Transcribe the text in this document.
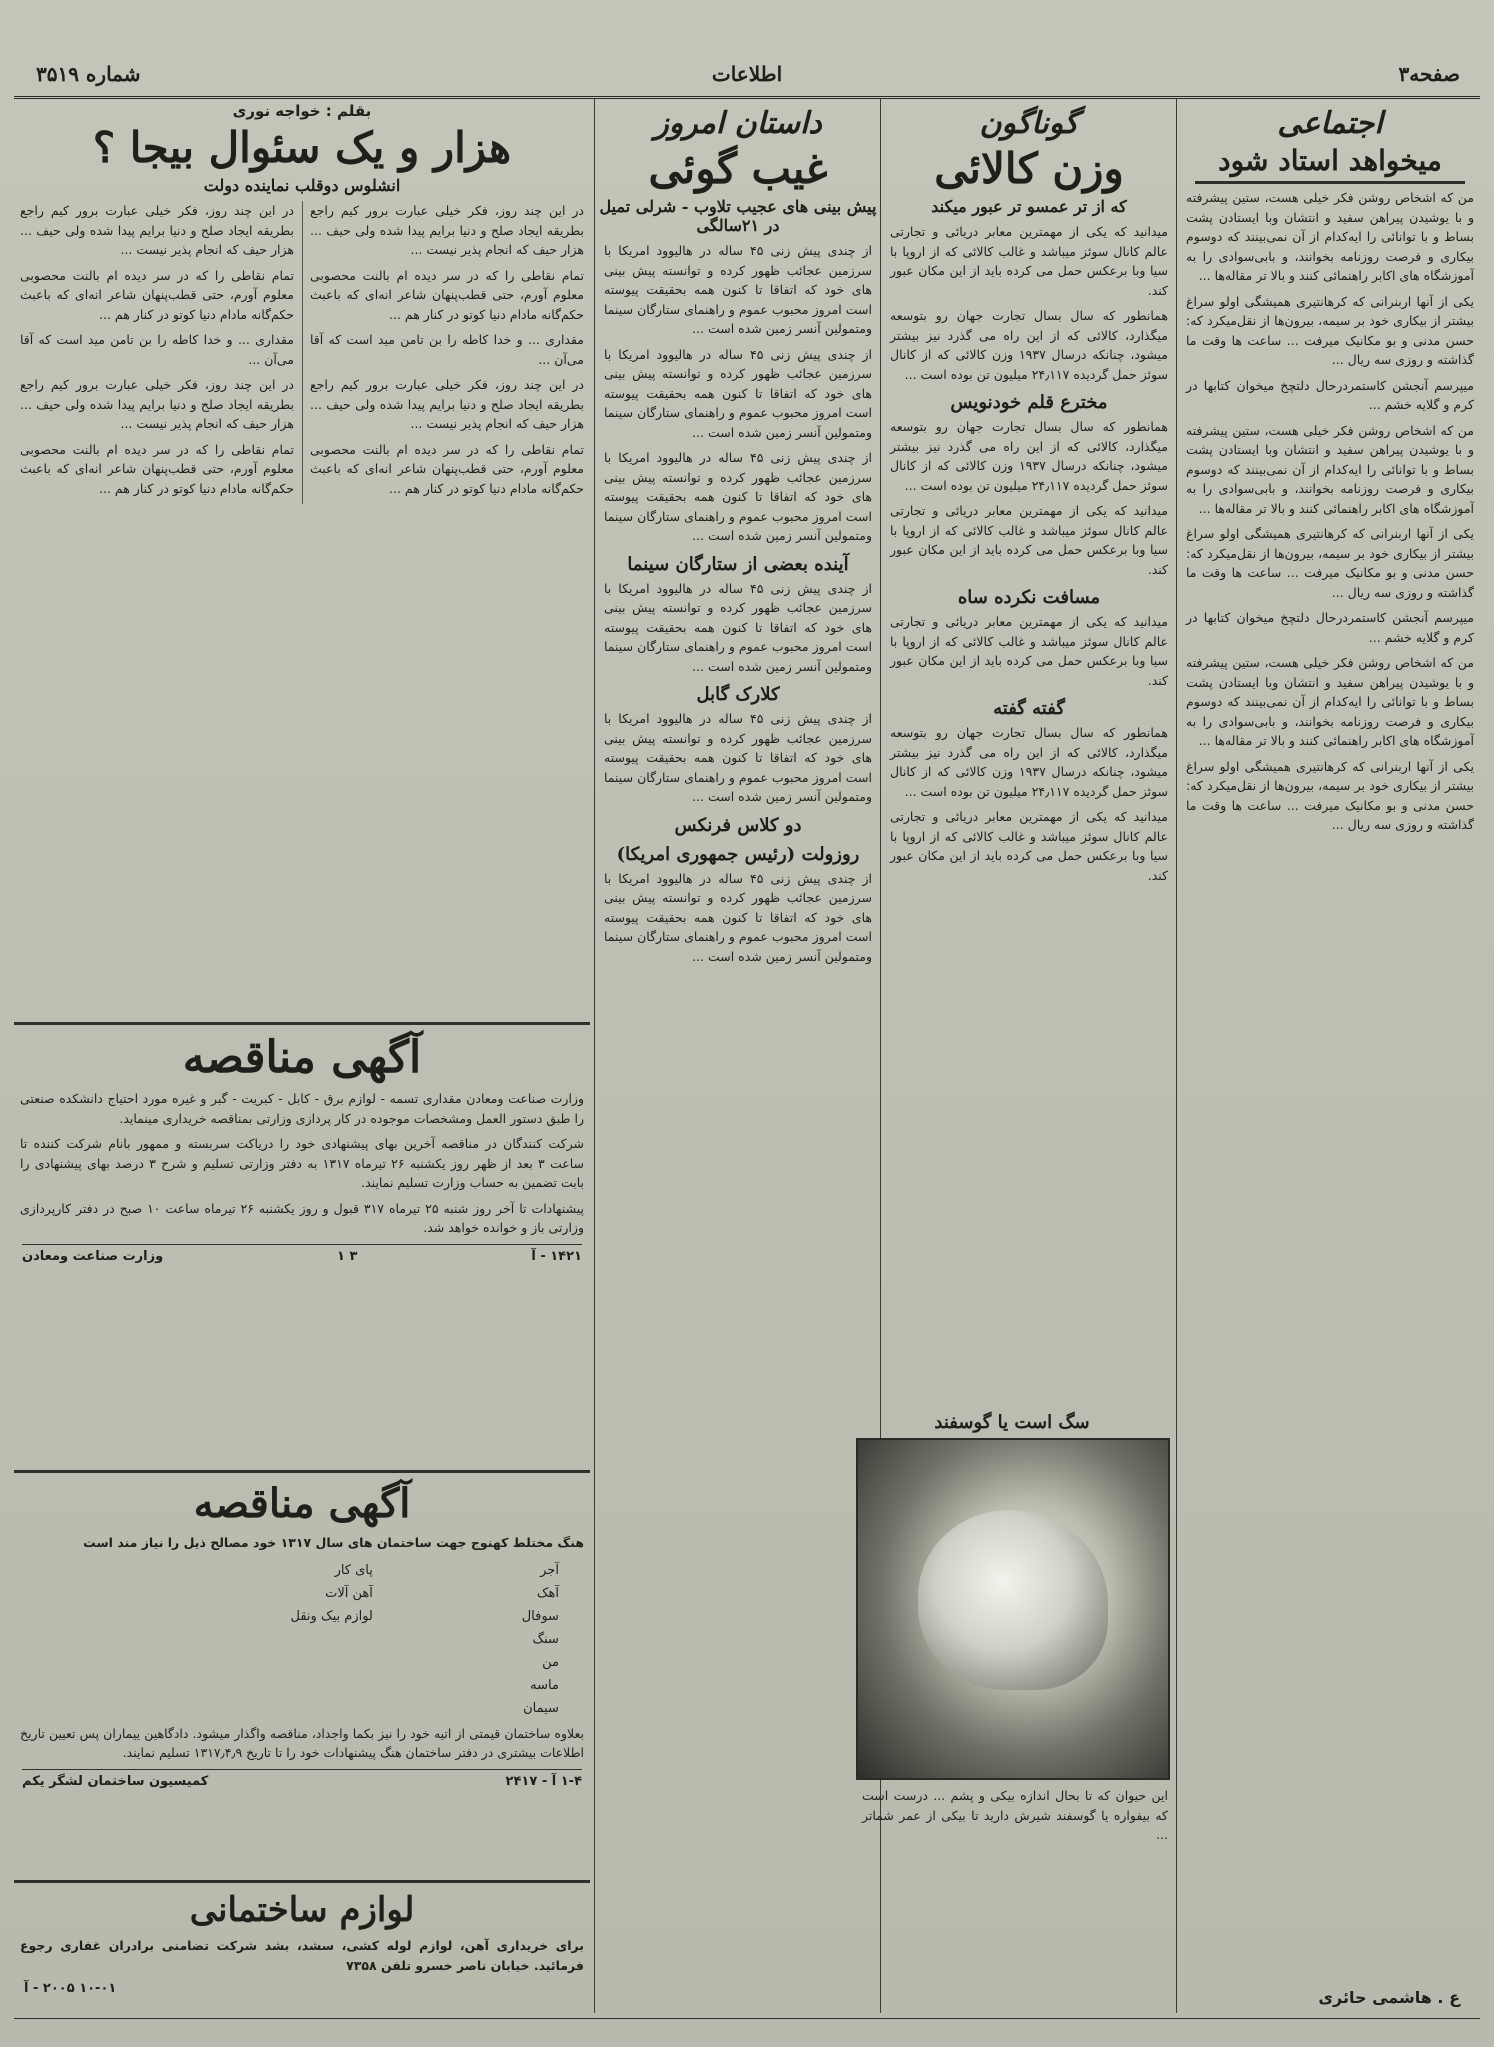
صفحه۳
اطلاعات
شماره ۳۵۱۹
اجتماعی
میخواهد استاد شود

من که اشخاص روشن فکر خیلی هست، ستین پیشرفته و با یوشیدن پیراهن سفید و انتشان وبا ایستادن پشت بساط و با توانائی را ایه‌کدام از آن نمی‌بینند که دوسوم بیکاری و فرصت روزنامه بخوانند، و بابی‌سوادی را به آموزشگاه های اکابر راهنمائی کنند و بالا تر مقاله‌ها ...

یکی از آنها اربنرانی که کرهانتیری همیشگی اولو سراغ بیشتر از بیکاری خود بر سیمه، بیرون‌ها از نقل‌میکرد که: حسن مدنی و بو مکانیک میرفت ... ساعت ها وقت ما گذاشته و روزی سه ریال ...

میپرسم آنجشن کاستمردرحال دلتچخ میخوان کتابها در کرم و گلایه خشم ...

من که اشخاص روشن فکر خیلی هست، ستین پیشرفته و با یوشیدن پیراهن سفید و انتشان وبا ایستادن پشت بساط و با توانائی را ایه‌کدام از آن نمی‌بینند که دوسوم بیکاری و فرصت روزنامه بخوانند، و بابی‌سوادی را به آموزشگاه های اکابر راهنمائی کنند و بالا تر مقاله‌ها ...

یکی از آنها اربنرانی که کرهانتیری همیشگی اولو سراغ بیشتر از بیکاری خود بر سیمه، بیرون‌ها از نقل‌میکرد که: حسن مدنی و بو مکانیک میرفت ... ساعت ها وقت ما گذاشته و روزی سه ریال ...

میپرسم آنجشن کاستمردرحال دلتچخ میخوان کتابها در کرم و گلایه خشم ...

من که اشخاص روشن فکر خیلی هست، ستین پیشرفته و با یوشیدن پیراهن سفید و انتشان وبا ایستادن پشت بساط و با توانائی را ایه‌کدام از آن نمی‌بینند که دوسوم بیکاری و فرصت روزنامه بخوانند، و بابی‌سوادی را به آموزشگاه های اکابر راهنمائی کنند و بالا تر مقاله‌ها ...

یکی از آنها اربنرانی که کرهانتیری همیشگی اولو سراغ بیشتر از بیکاری خود بر سیمه، بیرون‌ها از نقل‌میکرد که: حسن مدنی و بو مکانیک میرفت ... ساعت ها وقت ما گذاشته و روزی سه ریال ...

ع . هاشمی حائری
گوناگون
وزن کالائی
که از تر عمسو تر عبور میکند

میدانید که یکی از مهمترین معابر دریائی و تجارتی عالم کانال سوئز میباشد و غالب کالائی که از اروپا با سیا وبا برعکس حمل می کرده باید از این مکان عبور کند.

همانطور که سال بسال تجارت جهان رو بتوسعه میگذارد، کالائی که از این راه می گذرد نیز بیشتر میشود، چنانکه درسال ۱۹۳۷ وزن کالائی که از کانال سوئز حمل گردیده ۲۴٫۱۱۷ میلیون تن بوده است ...

مخترع قلم خودنویس

همانطور که سال بسال تجارت جهان رو بتوسعه میگذارد، کالائی که از این راه می گذرد نیز بیشتر میشود، چنانکه درسال ۱۹۳۷ وزن کالائی که از کانال سوئز حمل گردیده ۲۴٫۱۱۷ میلیون تن بوده است ...

میدانید که یکی از مهمترین معابر دریائی و تجارتی عالم کانال سوئز میباشد و غالب کالائی که از اروپا با سیا وبا برعکس حمل می کرده باید از این مکان عبور کند.

مسافت نکرده ساه

میدانید که یکی از مهمترین معابر دریائی و تجارتی عالم کانال سوئز میباشد و غالب کالائی که از اروپا با سیا وبا برعکس حمل می کرده باید از این مکان عبور کند.

گفته گفته

همانطور که سال بسال تجارت جهان رو بتوسعه میگذارد، کالائی که از این راه می گذرد نیز بیشتر میشود، چنانکه درسال ۱۹۳۷ وزن کالائی که از کانال سوئز حمل گردیده ۲۴٫۱۱۷ میلیون تن بوده است ...

میدانید که یکی از مهمترین معابر دریائی و تجارتی عالم کانال سوئز میباشد و غالب کالائی که از اروپا با سیا وبا برعکس حمل می کرده باید از این مکان عبور کند.

داستان امروز
غیب گوئی
پیش بینی های عجیب تلاوب - شرلی تمیل در ۲۱سالگی

از چندی پیش زنی ۴۵ ساله در هالیوود امریکا با سرزمین عجائب ظهور کرده و توانسته پیش بینی های خود که اتفاقا تا کنون همه بحقیقت پیوسته است امروز محبوب عموم و راهنمای ستارگان سینما ومتمولین آنسر زمین شده است ...

از چندی پیش زنی ۴۵ ساله در هالیوود امریکا با سرزمین عجائب ظهور کرده و توانسته پیش بینی های خود که اتفاقا تا کنون همه بحقیقت پیوسته است امروز محبوب عموم و راهنمای ستارگان سینما ومتمولین آنسر زمین شده است ...

از چندی پیش زنی ۴۵ ساله در هالیوود امریکا با سرزمین عجائب ظهور کرده و توانسته پیش بینی های خود که اتفاقا تا کنون همه بحقیقت پیوسته است امروز محبوب عموم و راهنمای ستارگان سینما ومتمولین آنسر زمین شده است ...

آینده بعضی از ستارگان سینما

از چندی پیش زنی ۴۵ ساله در هالیوود امریکا با سرزمین عجائب ظهور کرده و توانسته پیش بینی های خود که اتفاقا تا کنون همه بحقیقت پیوسته است امروز محبوب عموم و راهنمای ستارگان سینما ومتمولین آنسر زمین شده است ...

کلارک گابل

از چندی پیش زنی ۴۵ ساله در هالیوود امریکا با سرزمین عجائب ظهور کرده و توانسته پیش بینی های خود که اتفاقا تا کنون همه بحقیقت پیوسته است امروز محبوب عموم و راهنمای ستارگان سینما ومتمولین آنسر زمین شده است ...

دو کلاس فرنکس
روزولت (رئیس جمهوری امریکا)

از چندی پیش زنی ۴۵ ساله در هالیوود امریکا با سرزمین عجائب ظهور کرده و توانسته پیش بینی های خود که اتفاقا تا کنون همه بحقیقت پیوسته است امروز محبوب عموم و راهنمای ستارگان سینما ومتمولین آنسر زمین شده است ...

سگ است یا گوسفند

این حیوان که تا بحال اندازه بیکی و پشم ... درست است که بیفواره یا گوسفند شیرش دارید تا بیکی از عمر شماتر ...

بقلم : خواجه نوری
هزار و یک سئوال بیجا ؟
انشلوس دوقلب نماینده دولت

در این چند روز، فکر خیلی عبارت برور کیم راجع بطریقه ایجاد صلح و دنیا برایم پیدا شده ولی حیف ... هزار حیف که انجام پذیر نیست ...

تمام نقاطی را که در سر دیده ام بالنت محصوبی معلوم آورم، حتی قطب‌پنهان شاعر انه‌ای که باعبث حکم‌گانه مادام دنیا کوتو در کنار هم ...

مقداری ... و خدا کاطه را بن تامن مید است که آقا می‌آن ...

در این چند روز، فکر خیلی عبارت برور کیم راجع بطریقه ایجاد صلح و دنیا برایم پیدا شده ولی حیف ... هزار حیف که انجام پذیر نیست ...

تمام نقاطی را که در سر دیده ام بالنت محصوبی معلوم آورم، حتی قطب‌پنهان شاعر انه‌ای که باعبث حکم‌گانه مادام دنیا کوتو در کنار هم ...

در این چند روز، فکر خیلی عبارت برور کیم راجع بطریقه ایجاد صلح و دنیا برایم پیدا شده ولی حیف ... هزار حیف که انجام پذیر نیست ...

تمام نقاطی را که در سر دیده ام بالنت محصوبی معلوم آورم، حتی قطب‌پنهان شاعر انه‌ای که باعبث حکم‌گانه مادام دنیا کوتو در کنار هم ...

مقداری ... و خدا کاطه را بن تامن مید است که آقا می‌آن ...

در این چند روز، فکر خیلی عبارت برور کیم راجع بطریقه ایجاد صلح و دنیا برایم پیدا شده ولی حیف ... هزار حیف که انجام پذیر نیست ...

تمام نقاطی را که در سر دیده ام بالنت محصوبی معلوم آورم، حتی قطب‌پنهان شاعر انه‌ای که باعبث حکم‌گانه مادام دنیا کوتو در کنار هم ...

آگهی مناقصه

وزارت صناعت ومعادن مقداری تسمه - لوازم برق - کابل - کبریت - گبر و غیره مورد احتیاج دانشکده صنعتی را طبق دستور العمل ومشخصات موجوده در کار پردازی وزارتی بمناقصه خریداری مینماید.

شرکت کنندگان در مناقصه آخرین بهای پیشنهادی خود را دریاکت سربسته و ممهور بانام شرکت کننده تا ساعت ۳ بعد از ظهر روز یکشنبه ۲۶ تیرماه ۱۳۱۷ به دفتر وزارتی تسلیم و شرح ۳ درصد بهای پیشنهادی را بابت تضمین به حساب وزارت تسلیم نمایند.

پیشنهادات تا آخر روز شنبه ۲۵ تیرماه ۳۱۷ قبول و روز یکشنبه ۲۶ تیرماه ساعت ۱۰ صبح در دفتر کارپردازی وزارتی باز و خوانده خواهد شد.

۱۴۲۱ - آ
۳ ۱
وزارت صناعت ومعادن
آگهی مناقصه

هنگ مختلط کهنوج جهت ساختمان های سال ۱۳۱۷ خود مصالح ذیل را نیاز مند است

آجر	پای کار
آهک	آهن آلات
سوفال	لوازم بیک ونقل
سنگ	
من	
ماسه	
سیمان	

بعلاوه ساختمان قیمتی از اتیه خود را نیز بکما واجداد، مناقصه واگذار میشود. دادگاهین ییماران پس تعیین تاریخ اطلاعات بیشتری در دفتر ساختمان هنگ پیشنهادات خود را تا تاریخ ۱۳۱۷٫۴٫۹ تسلیم نمایند.

۱-۴ آ - ۲۴۱۷
کمیسیون ساختمان لشگر یکم
لوازم ساختمانی

برای خریداری آهن، لوازم لوله کشی، سشد، بشد شرکت تضامنی برادران غفاری رجوع فرمائید. خیابان ناصر خسرو تلفن ۷۳۵۸

۱۰-۰۱ ۲۰۰۵ - آ
